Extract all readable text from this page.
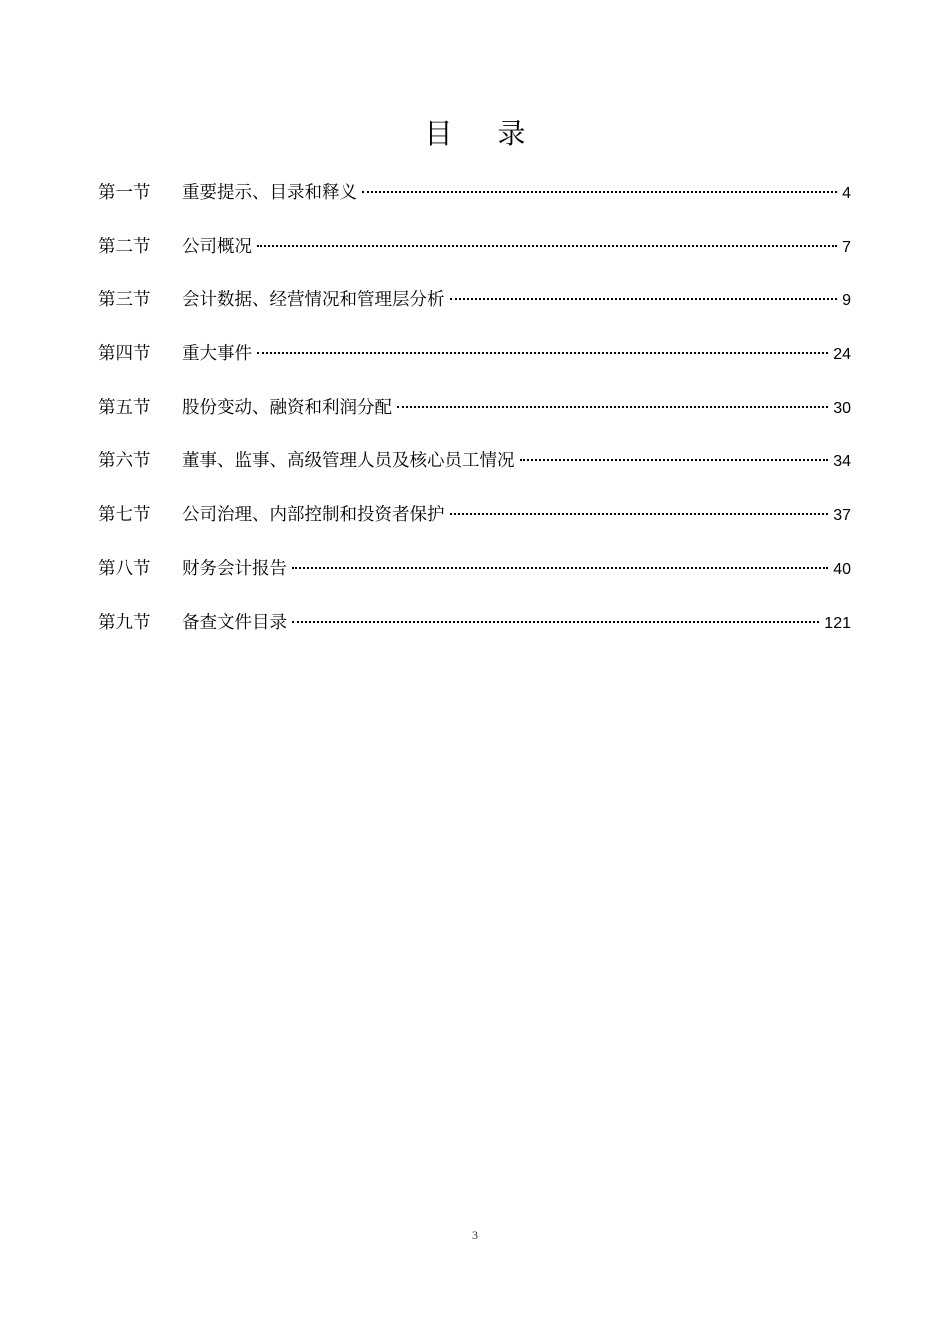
目 录
第一节	重要提示、目录和释义	4
第二节	公司概况	7
第三节	会计数据、经营情况和管理层分析	9
第四节	重大事件	24
第五节	股份变动、融资和利润分配	30
第六节	董事、监事、高级管理人员及核心员工情况	34
第七节	公司治理、内部控制和投资者保护	37
第八节	财务会计报告	40
第九节	备查文件目录	121
3
